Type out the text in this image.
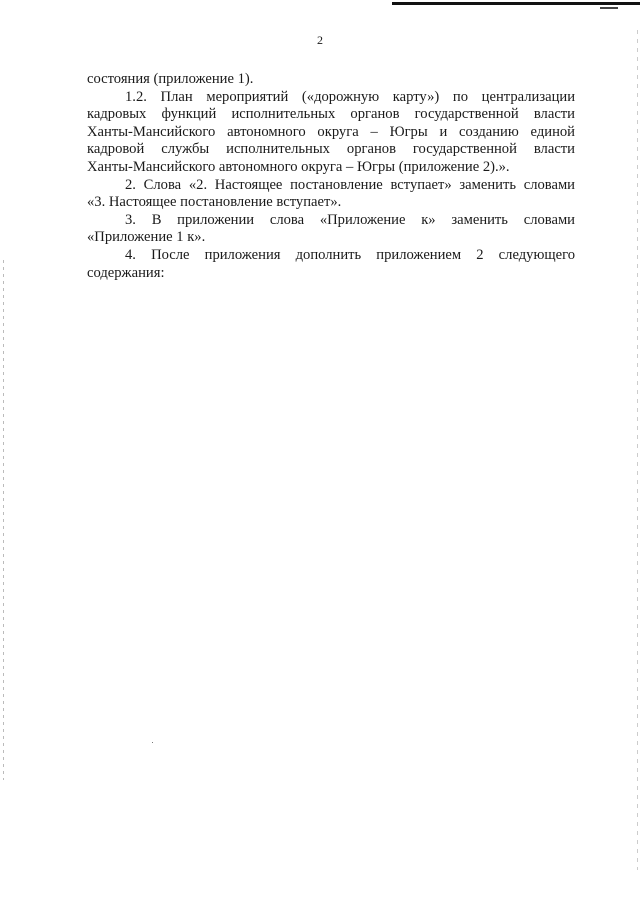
2

состояния (приложение 1).

1.2. План мероприятий («дорожную карту») по централизации
кадровых функций исполнительных органов государственной власти
Ханты-Мансийского автономного округа – Югры и созданию единой
кадровой службы исполнительных органов государственной власти
Ханты-Мансийского автономного округа – Югры (приложение 2).».

2. Слова «2. Настоящее постановление вступает» заменить словами
«3. Настоящее постановление вступает».

3. В приложении слова «Приложение к» заменить словами
«Приложение 1 к».

4. После приложения дополнить приложением 2 следующего
содержания:
